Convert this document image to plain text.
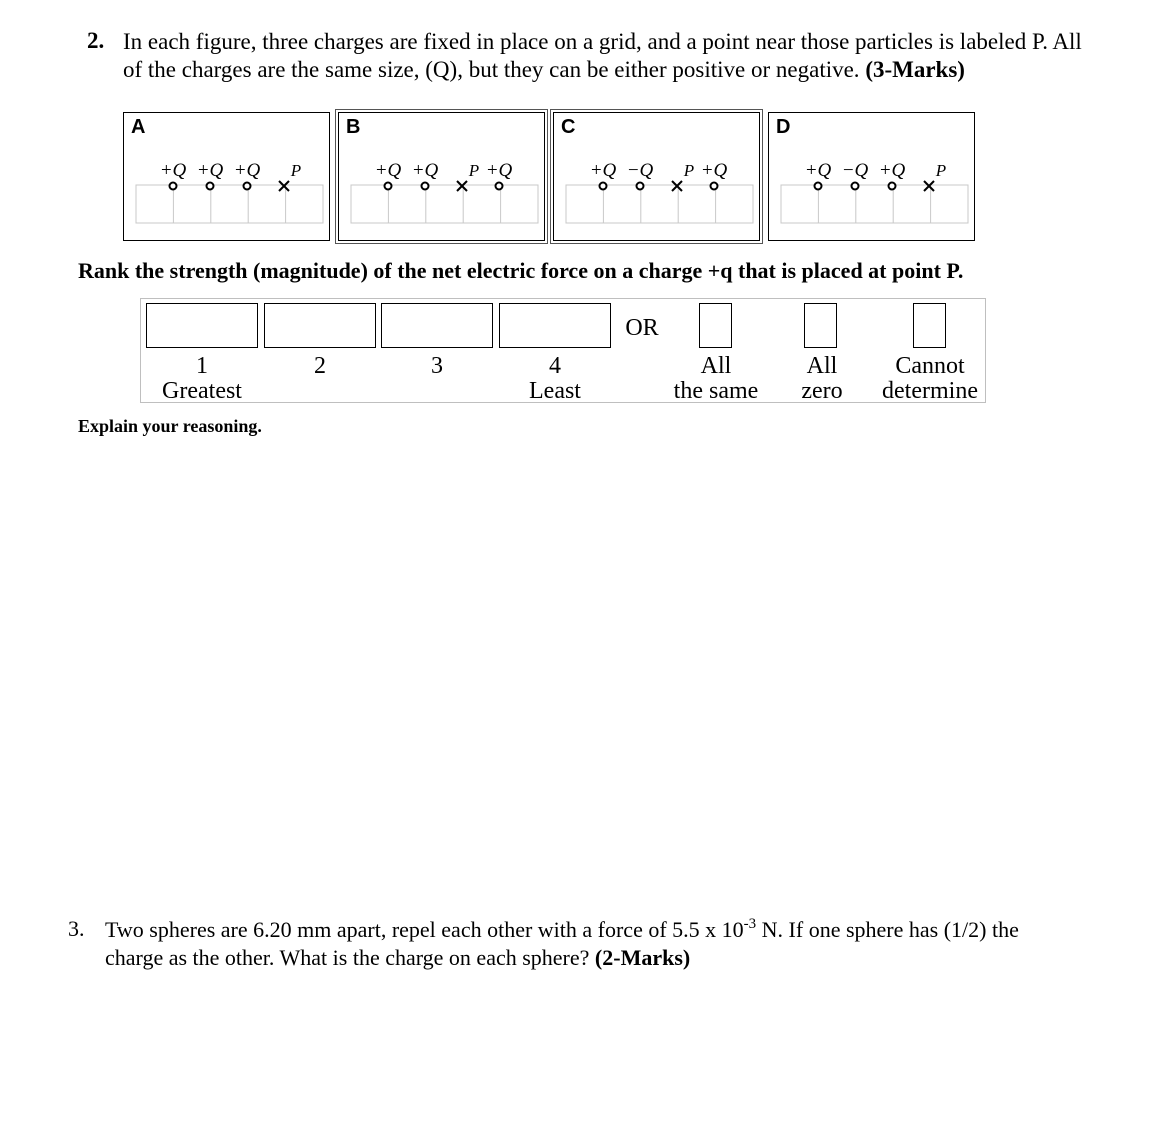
2. In each figure, three charges are fixed in place on a grid, and a point near those particles is labeled P. All
of the charges are the same size, (Q), but they can be either positive or negative. (3-Marks)
A
+Q +Q +Q P
B
+Q +Q P +Q
C
+Q −Q P +Q
D
+Q −Q +Q P
Rank the strength (magnitude) of the net electric force on a charge +q that is placed at point P.
OR
1
Greatest
2	3	4
Least
All
the same
All
zero
Cannot
determine
Explain your reasoning.
3. Two spheres are 6.20 mm apart, repel each other with a force of 5.5 x $10^{-3}$ N. If one sphere has (1/2) the
charge as the other. What is the charge on each sphere? (2-Marks)
